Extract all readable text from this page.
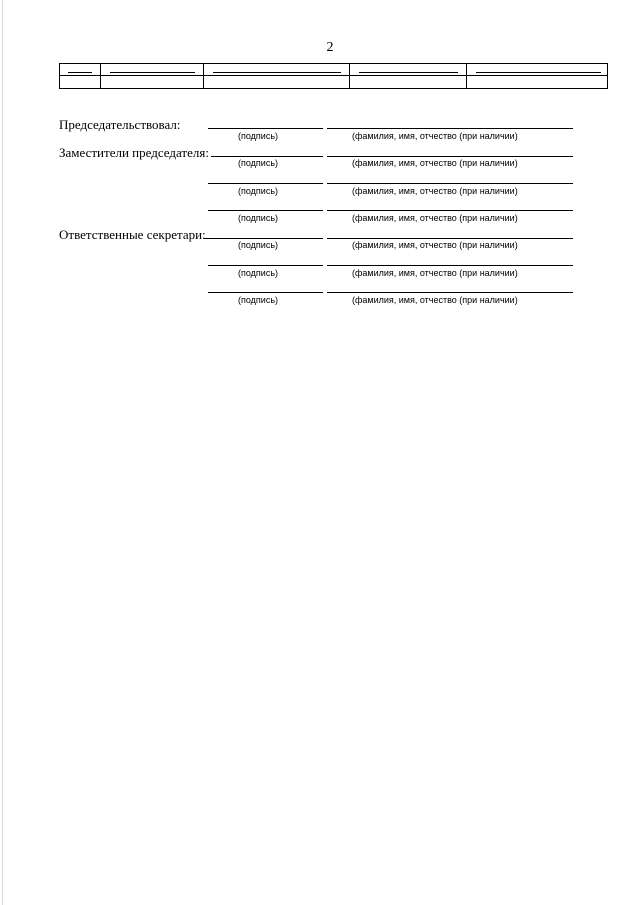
2
Председательствовал:
(подпись)	(фамилия, имя, отчество (при наличии)
Заместители председателя:
(подпись)	(фамилия, имя, отчество (при наличии)
(подпись)	(фамилия, имя, отчество (при наличии)
(подпись)	(фамилия, имя, отчество (при наличии)
Ответственные секретари:
(подпись)	(фамилия, имя, отчество (при наличии)
(подпись)	(фамилия, имя, отчество (при наличии)
(подпись)	(фамилия, имя, отчество (при наличии)
